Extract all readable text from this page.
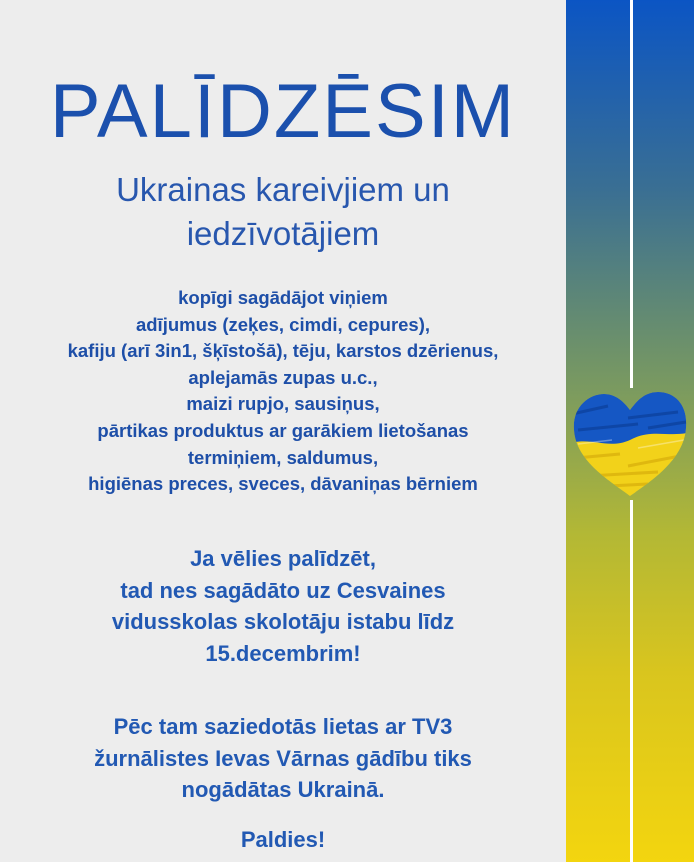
PALĪDZĒSIM

Ukrainas kareivjiem un
iedzīvotājiem

kopīgi sagādājot viņiem
adījumus (zeķes, cimdi, cepures),
kafiju (arī 3in1, šķīstošā), tēju, karstos dzērienus,
aplejamās zupas u.c.,
maizi rupjo, sausiņus,
pārtikas produktus ar garākiem lietošanas
termiņiem, saldumus,
higiēnas preces, sveces, dāvaniņas bērniem

Ja vēlies palīdzēt,
tad nes sagādāto uz Cesvaines
vidusskolas skolotāju istabu līdz
15.decembrim!

Pēc tam saziedotās lietas ar TV3
žurnālistes Ievas Vārnas gādību tiks
nogādātas Ukrainā.

Paldies!
